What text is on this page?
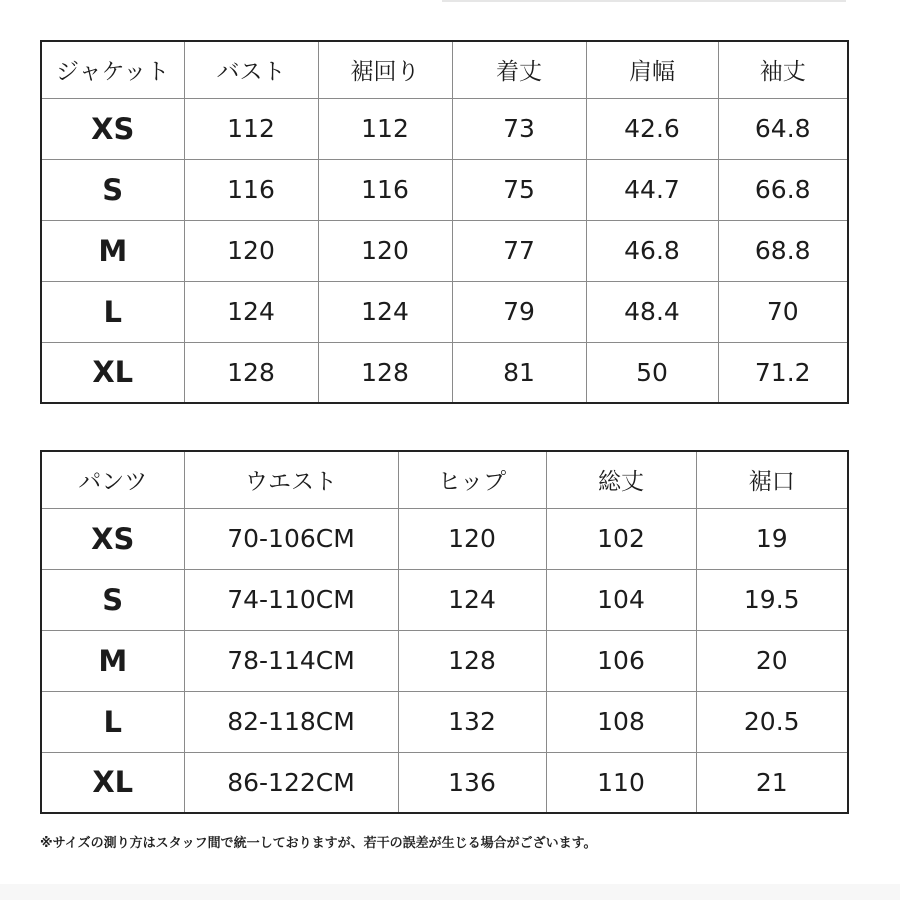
ジャケット	バスト	裾回り	着丈	肩幅	袖丈
XS	112	112	73	42.6	64.8
S	116	116	75	44.7	66.8
M	120	120	77	46.8	68.8
L	124	124	79	48.4	70
XL	128	128	81	50	71.2
パンツ	ウエスト	ヒップ	総丈	裾口
XS	70-106CM	120	102	19
S	74-110CM	124	104	19.5
M	78-114CM	128	106	20
L	82-118CM	132	108	20.5
XL	86-122CM	136	110	21
※サイズの測り方はスタッフ間で統一しておりますが、若干の誤差が生じる場合がございます。
